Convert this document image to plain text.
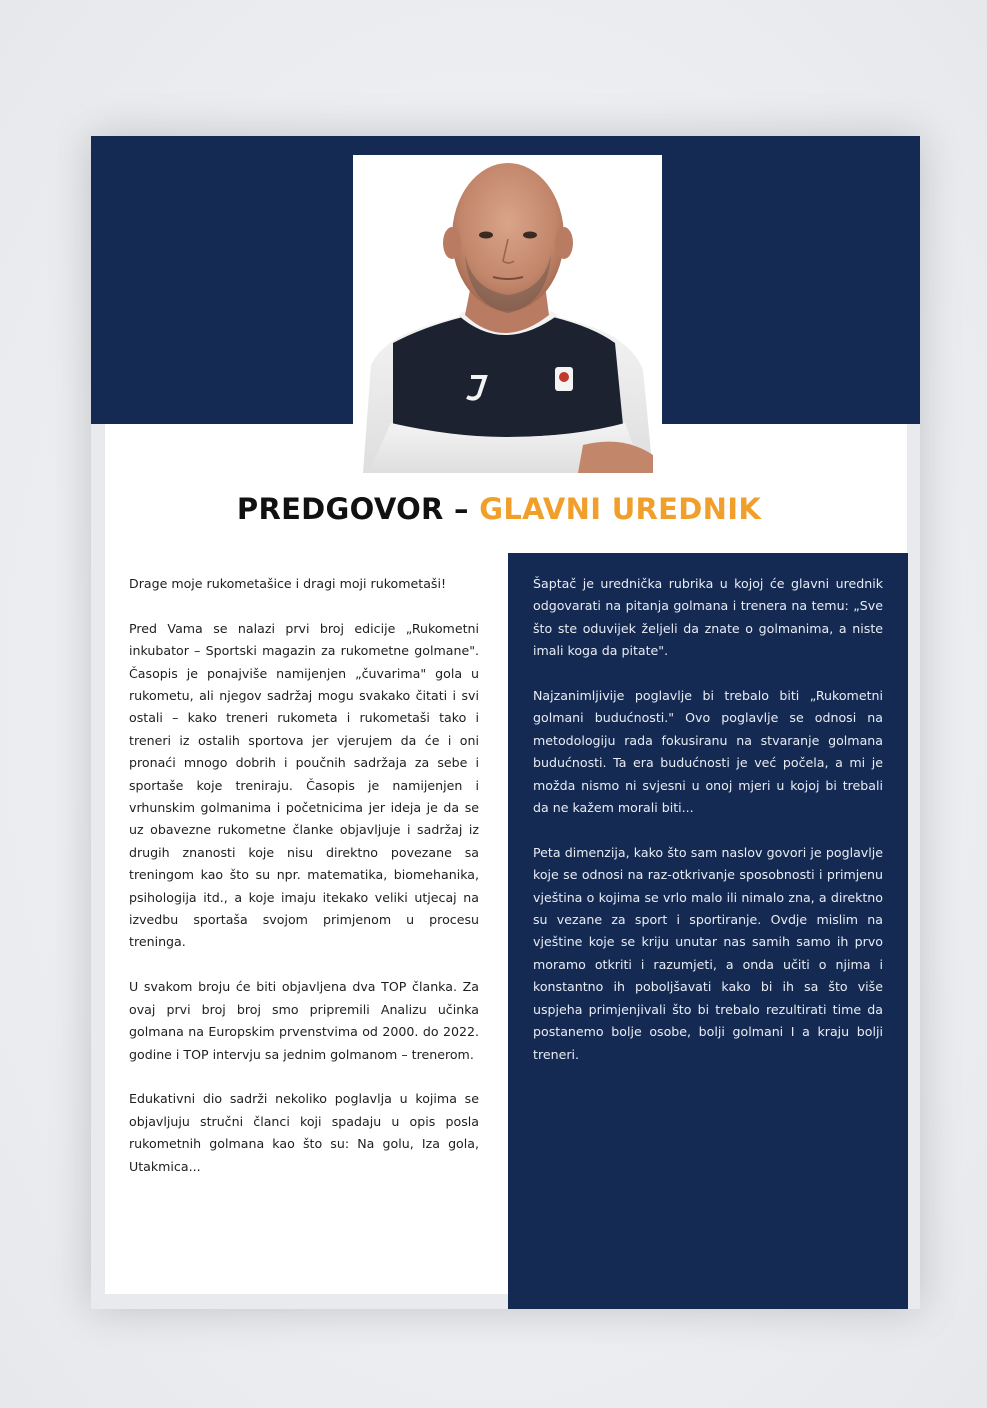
PREDGOVOR – GLAVNI UREDNIK

Drage moje rukometašice i dragi moji rukometaši!

Pred Vama se nalazi prvi broj edicije „Rukometni inkubator – Sportski magazin za rukometne golmane". Časopis je ponajviše namijenjen „čuvarima" gola u rukometu, ali njegov sadržaj mogu svakako čitati i svi ostali – kako treneri rukometa i rukometaši tako i treneri iz ostalih sportova jer vjerujem da će i oni pronaći mnogo dobrih i poučnih sadržaja za sebe i sportaše koje treniraju. Časopis je namijenjen i vrhunskim golmanima i početnicima jer ideja je da se uz obavezne rukometne članke objavljuje i sadržaj iz drugih znanosti koje nisu direktno povezane sa treningom kao što su npr. matematika, biomehanika, psihologija itd., a koje imaju itekako veliki utjecaj na izvedbu sportaša svojom primjenom u procesu treninga.

U svakom broju će biti objavljena dva TOP članka. Za ovaj prvi broj broj smo pripremili Analizu učinka golmana na Europskim prvenstvima od 2000. do 2022. godine i TOP intervju sa jednim golmanom – trenerom.

Edukativni dio sadrži nekoliko poglavlja u kojima se objavljuju stručni članci koji spadaju u opis posla rukometnih golmana kao što su: Na golu, Iza gola, Utakmica...

Šaptač je urednička rubrika u kojoj će glavni urednik odgovarati na pitanja golmana i trenera na temu: „Sve što ste oduvijek željeli da znate o golmanima, a niste imali koga da pitate".

Najzanimljivije poglavlje bi trebalo biti „Rukometni golmani budućnosti." Ovo poglavlje se odnosi na metodologiju rada fokusiranu na stvaranje golmana budućnosti. Ta era budućnosti je već počela, a mi je možda nismo ni svjesni u onoj mjeri u kojoj bi trebali da ne kažem morali biti...

Peta dimenzija, kako što sam naslov govori je poglavlje koje se odnosi na raz-otkrivanje sposobnosti i primjenu vještina o kojima se vrlo malo ili nimalo zna, a direktno su vezane za sport i sportiranje. Ovdje mislim na vještine koje se kriju unutar nas samih samo ih prvo moramo otkriti i razumjeti, a onda učiti o njima i konstantno ih poboljšavati kako bi ih sa što više uspjeha primjenjivali što bi trebalo rezultirati time da postanemo bolje osobe, bolji golmani I a kraju bolji treneri.
